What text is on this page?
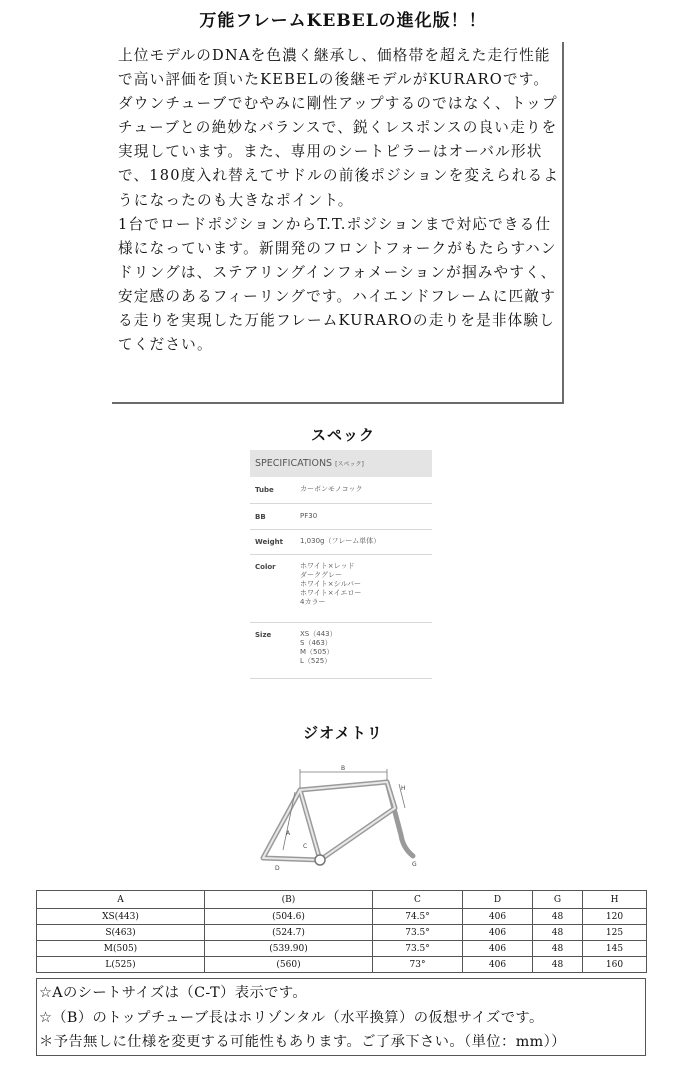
万能フレームKEBELの進化版！！

上位モデルのDNAを色濃く継承し、価格帯を超えた走行性能で高い評価を頂いたKEBELの後継モデルがKURAROです。

ダウンチューブでむやみに剛性アップするのではなく、トップチューブとの絶妙なバランスで、鋭くレスポンスの良い走りを実現しています。また、専用のシートピラーはオーバル形状で、180度入れ替えてサドルの前後ポジションを変えられるようになったのも大きなポイント。

1台でロードポジションからT.T.ポジションまで対応できる仕様になっています。新開発のフロントフォークがもたらすハンドリングは、ステアリングインフォメーションが掴みやすく、安定感のあるフィーリングです。ハイエンドフレームに匹敵する走りを実現した万能フレームKURAROの走りを是非体験してください。

スペック
SPECIFICATIONS [スペック]
Tube	カーボンモノコック
BB	PF30
Weight 1,030g（フレーム単体）
Color	ホワイト×レッド
ダークグレー
ホワイト×シルバー
ホワイト×イエロー
4カラー
Size	XS（443）
S（463）
M（505）
L（525）
ジオメトリ
B
A
C
D
G
H
A	(B)	C	D	G	H
XS(443)	(504.6)	74.5°	406	48	120
S(463)	(524.7)	73.5°	406	48	125
M(505)	(539.90)	73.5°	406	48	145
L(525)	(560)	73°	406	48	160
☆Aのシートサイズは（C-T）表示です。
☆（B）のトップチューブ長はホリゾンタル（水平換算）の仮想サイズです。
＊予告無しに仕様を変更する可能性もあります。ご了承下さい。（単位：mm））
